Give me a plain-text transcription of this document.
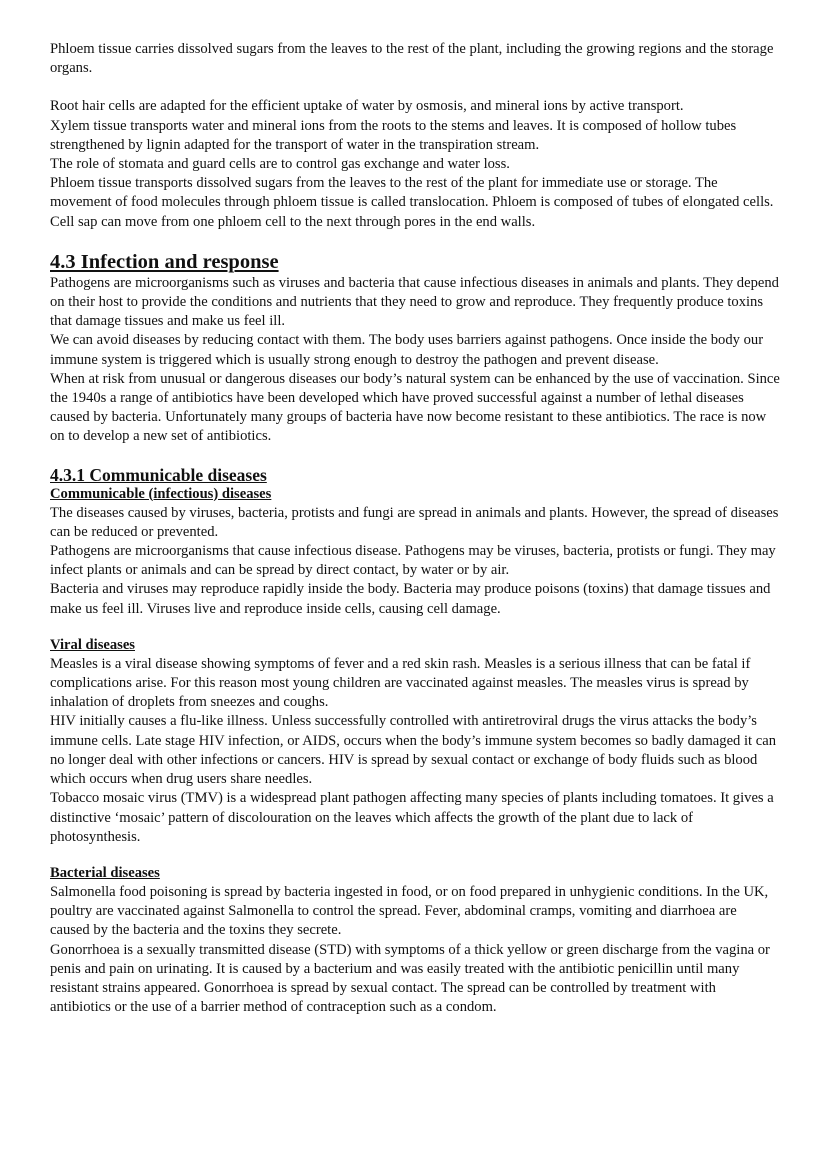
Phloem tissue carries dissolved sugars from the leaves to the rest of the plant, including the growing regions and the storage organs.

Root hair cells are adapted for the efficient uptake of water by osmosis, and mineral ions by active transport.

Xylem tissue transports water and mineral ions from the roots to the stems and leaves. It is composed of hollow tubes strengthened by lignin adapted for the transport of water in the transpiration stream.

The role of stomata and guard cells are to control gas exchange and water loss.

Phloem tissue transports dissolved sugars from the leaves to the rest of the plant for immediate use or storage. The movement of food molecules through phloem tissue is called translocation. Phloem is composed of tubes of elongated cells. Cell sap can move from one phloem cell to the next through pores in the end walls.

4.3 Infection and response

Pathogens are microorganisms such as viruses and bacteria that cause infectious diseases in animals and plants. They depend on their host to provide the conditions and nutrients that they need to grow and reproduce. They frequently produce toxins that damage tissues and make us feel ill.

We can avoid diseases by reducing contact with them. The body uses barriers against pathogens. Once inside the body our immune system is triggered which is usually strong enough to destroy the pathogen and prevent disease.

When at risk from unusual or dangerous diseases our body’s natural system can be enhanced by the use of vaccination. Since the 1940s a range of antibiotics have been developed which have proved successful against a number of lethal diseases caused by bacteria. Unfortunately many groups of bacteria have now become resistant to these antibiotics. The race is now on to develop a new set of antibiotics.

4.3.1 Communicable diseases
Communicable (infectious) diseases

The diseases caused by viruses, bacteria, protists and fungi are spread in animals and plants. However, the spread of diseases can be reduced or prevented.

Pathogens are microorganisms that cause infectious disease. Pathogens may be viruses, bacteria, protists or fungi. They may infect plants or animals and can be spread by direct contact, by water or by air.

Bacteria and viruses may reproduce rapidly inside the body. Bacteria may produce poisons (toxins) that damage tissues and make us feel ill. Viruses live and reproduce inside cells, causing cell damage.

Viral diseases

Measles is a viral disease showing symptoms of fever and a red skin rash. Measles is a serious illness that can be fatal if complications arise. For this reason most young children are vaccinated against measles. The measles virus is spread by inhalation of droplets from sneezes and coughs.

HIV initially causes a flu-like illness. Unless successfully controlled with antiretroviral drugs the virus attacks the body’s immune cells. Late stage HIV infection, or AIDS, occurs when the body’s immune system becomes so badly damaged it can no longer deal with other infections or cancers. HIV is spread by sexual contact or exchange of body fluids such as blood which occurs when drug users share needles.

Tobacco mosaic virus (TMV) is a widespread plant pathogen affecting many species of plants including tomatoes. It gives a distinctive ‘mosaic’ pattern of discolouration on the leaves which affects the growth of the plant due to lack of photosynthesis.

Bacterial diseases

Salmonella food poisoning is spread by bacteria ingested in food, or on food prepared in unhygienic conditions. In the UK, poultry are vaccinated against Salmonella to control the spread. Fever, abdominal cramps, vomiting and diarrhoea are caused by the bacteria and the toxins they secrete.

Gonorrhoea is a sexually transmitted disease (STD) with symptoms of a thick yellow or green discharge from the vagina or penis and pain on urinating. It is caused by a bacterium and was easily treated with the antibiotic penicillin until many resistant strains appeared. Gonorrhoea is spread by sexual contact. The spread can be controlled by treatment with antibiotics or the use of a barrier method of contraception such as a condom.
